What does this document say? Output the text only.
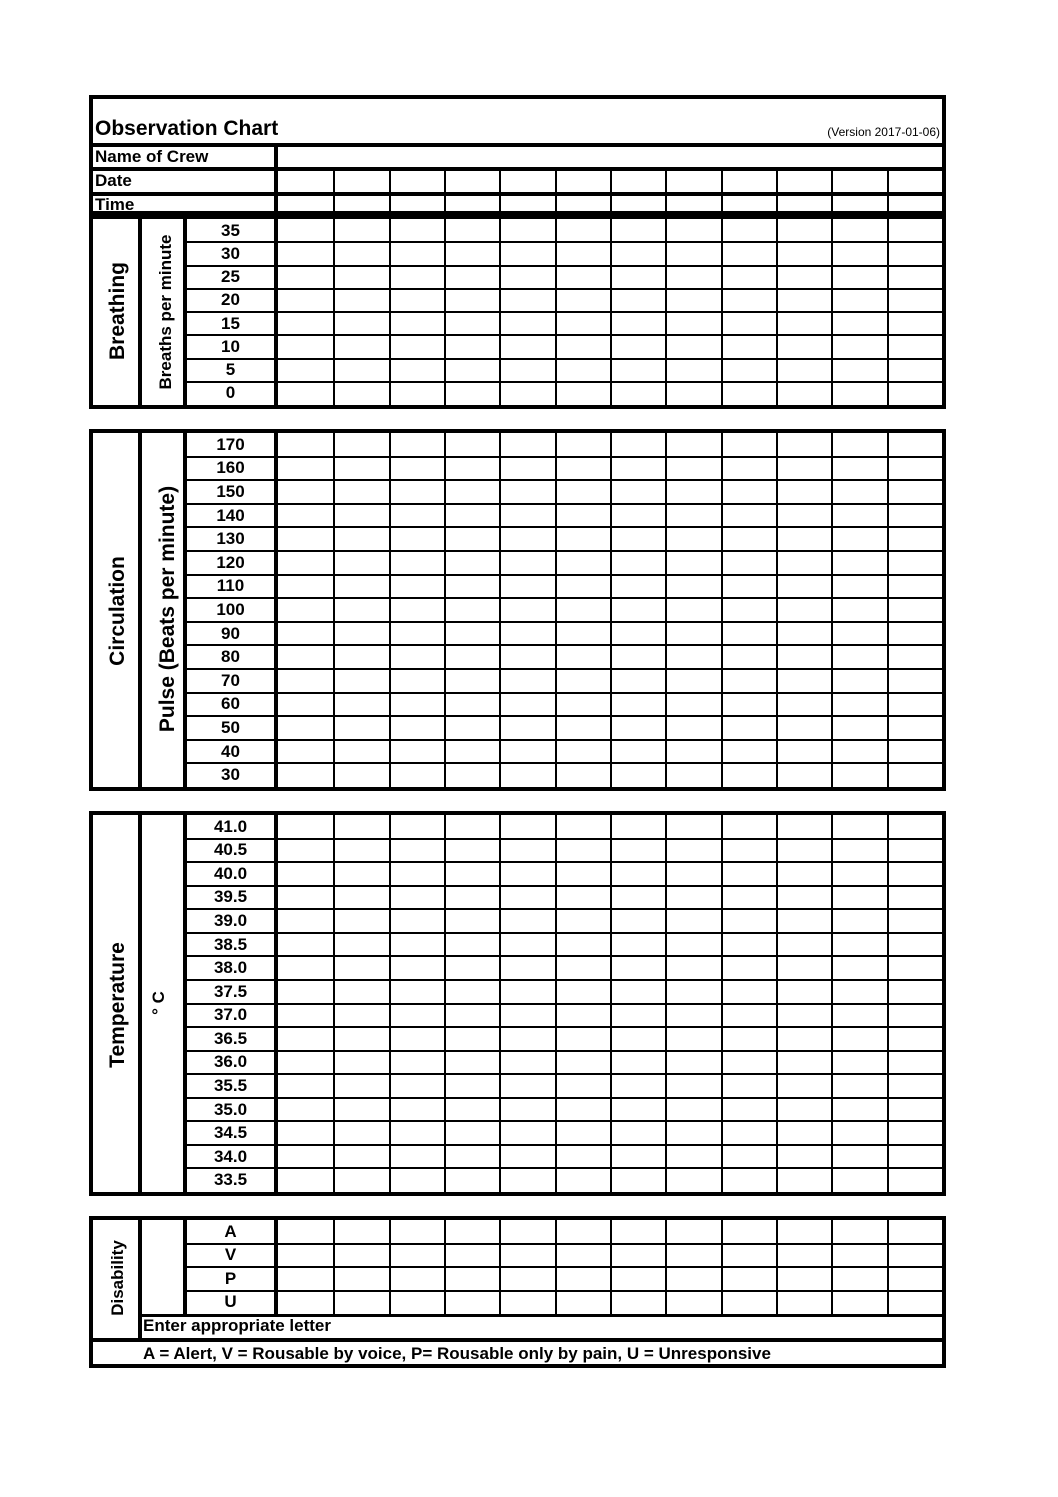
Observation Chart	(Version 2017-01-06)
Name of Crew
Date
Time
Breathing Breaths per minute
35
30
25
20
15
10
5
0
Circulation Pulse (Beats per minute)
170
160
150
140
130
120
110
100
90
80
70
60
50
40
30
Temperature ° C
41.0
40.5
40.0
39.5
39.0
38.5
38.0
37.5
37.0
36.5
36.0
35.5
35.0
34.5
34.0
33.5
Disability
Enter appropriate letter
A = Alert, V = Rousable by voice, P= Rousable only by pain, U = Unresponsive
A
V
P
U
